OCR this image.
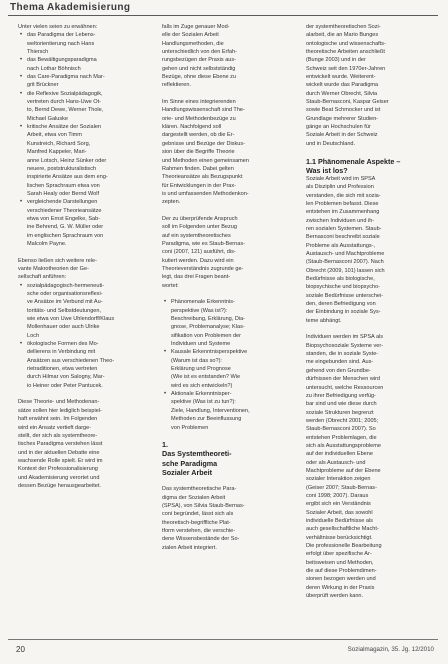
Thema Akademisierung
Unter vielen seien zu erwähnen:
• das Paradigma der Lebens-
weltorientierung nach Hans
Thiersch
• das Bewältigungsparadigma
nach Lothar Böhnisch
• das Care-Paradigma nach Mar-
grit Brückner
• die Reflexive Sozialpädagogik,
vertreten durch Hans-Uwe Ot-
to, Bernd Dewe, Werner Thole,
Michael Galuske
• kritische Ansätze der Sozialen
Arbeit, etwa von Timm
Kunstreich, Richard Sorg,
Manfred Kappeler, Mari-
anne Lotsch, Heinz Sünker oder
neuere, poststrukturalistisch
inspirierte Ansätze aus dem eng-
lischen Sprachraum etwa von
Sarah Healy oder Bernd Wolf
• vergleichende Darstellungen
verschiedener Theorieansätze
etwa von Ernst Engelke, Sab-
ine Behrend, G. W. Müller oder
im englischen Sprachraum von
Malcolm Payne.
Ebenso ließen sich weitere rele-
vante Makrotheorien der Ge-
sellschaft anführen:
• sozialpädagogisch-hermeneuti-
sche oder organisationsreflexi-
ve Ansätze im Verbund mit Au-
toritäts- und Selbstdeutungen,
wie etwa von Uwe Uhlendorff/Klaus
Mollenhauer oder auch Ulrike
Loch
• ökologische Formen des Mo-
dellierens in Verbindung mit
Ansätzen aus verschiedenen Theo-
rietraditionen, etwa vertreten
durch Hilmar von Salogny, Mar-
io Heiner oder Peter Pantucek.
Diese Theorie- und Methodenan-
sätze sollen hier lediglich beispiel-
haft erwähnt sein. Im Folgenden
wird ein Ansatz vertieft darge-
stellt, der sich als systemtheore-
tisches Paradigma verstehen lässt
und in der aktuellen Debatte eine
wachsende Rolle spielt. Er wird im
Kontext der Professionalisierung
und Akademisierung verortet und
dessen Bezüge herausgearbeitet.
falls im Zuge genauer Mod-
elle der Sozialen Arbeit
Handlungsmethoden, die
unterschiedlich von den Erfah-
rungsbezügen der Praxis aus-
gehen und nicht selbstständig
Bezüge, ohne diese Ebene zu
reflektieren.
Im Sinne eines integrierenden
Handlungswissenschaft sind The-
orie- und Methodenbezüge zu
klären. Nachfolgend soll
dargestellt werden, ob die Er-
gebnisse und Bezüge der Diskus-
sion über die Begriffe Theorie
und Methoden einen gemeinsamen
Rahmen finden. Dabei gelten
Theorieansätze als Bezugspunkt
für Entwicklungen in der Prax-
is und umfassenden Methodenkon-
zepten.
Der zu überprüfende Anspruch
soll im Folgenden unter Bezug
auf ein systemtheoretisches
Paradigma, wie es Staub-Bernas-
coni (2007, 121) ausführt, dis-
kutiert werden. Dazu wird ein
Theorieverständnis zugrunde ge-
legt, das drei Fragen beant-
wortet:
• Phänomenale Erkenntnis-
perspektive (Was ist?):
Beschreibung, Erklärung, Dia-
gnose, Problemanalyse; Klas-
sifikation von Problemen der
Individuen und Systeme
• Kausale Erkenntnisperspektive
(Warum ist das so?):
Erklärung und Prognose
(Wie ist es entstanden? Wie
wird es sich entwickeln?)
• Aktionale Erkenntnisper-
spektive (Was ist zu tun?):
Ziele, Handlung, Interventionen,
Methoden zur Beeinflussung
von Problemen
1.
Das Systemtheoreti-
sche Paradigma
Sozialer Arbeit
Das systemtheoretische Para-
digma der Sozialen Arbeit
(SPSA), von Silvia Staub-Bernas-
coni begründet, lässt sich als
theoretisch-begriffliche Plat-
tform verstehen, die verschie-
dene Wissensbestände der So-
zialen Arbeit integriert.
der systemtheoretischen Sozi-
alarbeit, die an Mario Bunges
ontologische und wissenschafts-
theoretische Arbeiten anschließt
(Bunge 2003) und in der
Schweiz seit den 1970er-Jahren
entwickelt wurde. Weiterent-
wickelt wurde das Paradigma
durch Werner Obrecht, Silvia
Staub-Bernasconi, Kaspar Geiser
sowie Beat Schmocker und ist
Grundlage mehrerer Studien-
gänge an Hochschulen für
Soziale Arbeit in der Schweiz
und in Deutschland.
1.1 Phänomenale Aspekte –
Was ist los?
Soziale Arbeit wird im SPSA
als Disziplin und Profession
verstanden, die sich mit sozia-
len Problemen befasst. Diese
entstehen im Zusammenhang
zwischen Individuen und ih-
ren sozialen Systemen. Staub-
Bernasconi beschreibt soziale
Probleme als Ausstattungs-,
Austausch- und Machtprobleme
(Staub-Bernasconi 2007). Nach
Obrecht (2009, 101) lassen sich
Bedürfnisse als biologische,
biopsychische und biopsycho-
soziale Bedürfnisse unterschei-
den, deren Befriedigung von
der Einbindung in soziale Sys-
teme abhängt.
Individuen werden im SPSA als
Biopsychosoziale Systeme ver-
standen, die in soziale Syste-
me eingebunden sind. Aus-
gehend von den Grundbe-
dürfnissen der Menschen wird
untersucht, welche Ressourcen
zu ihrer Befriedigung verfüg-
bar sind und wie diese durch
soziale Strukturen begrenzt
werden (Obrecht 2001; 2005;
Staub-Bernasconi 2007). So
entstehen Problemlagen, die
sich als Ausstattungsprobleme
auf der individuellen Ebene
oder als Austausch- und
Machtprobleme auf der Ebene
sozialer Interaktion zeigen
(Geiser 2007; Staub-Bernas-
coni 1998; 2007). Daraus
ergibt sich ein Verständnis
Sozialer Arbeit, das sowohl
individuelle Bedürfnisse als
auch gesellschaftliche Macht-
verhältnisse berücksichtigt.
Die professionelle Bearbeitung
erfolgt über spezifische Ar-
beitsweisen und Methoden,
die auf diese Problemdimen-
sionen bezogen werden und
deren Wirkung in der Praxis
überprüft werden kann.
20	Sozialmagazin, 35. Jg. 12/2010
